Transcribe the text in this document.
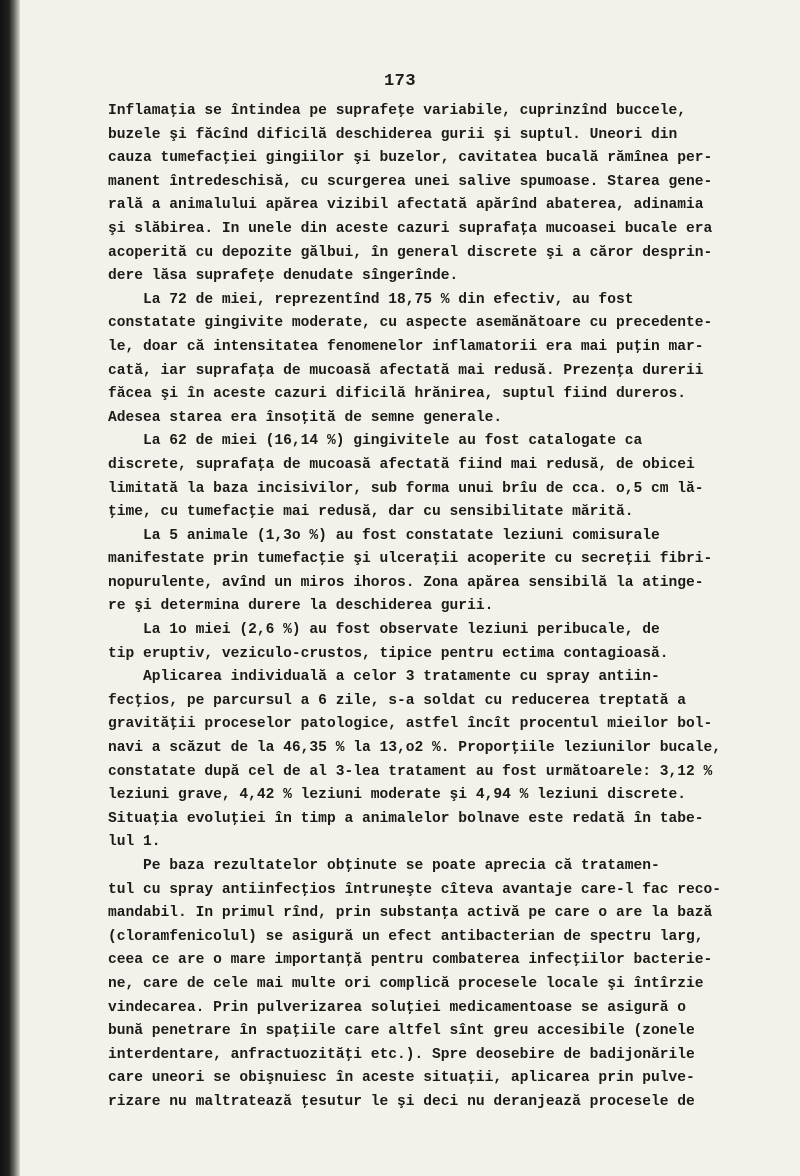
173
Inflamaţia se întindea pe suprafeţe variabile, cuprinzînd buccele,
buzele şi făcînd dificilă deschiderea gurii şi suptul. Uneori din
cauza tumefacţiei gingiilor şi buzelor, cavitatea bucală rămînea per-
manent întredeschisă, cu scurgerea unei salive spumoase. Starea gene-
rală a animalului apărea vizibil afectată apărînd abaterea, adinamia
şi slăbirea. In unele din aceste cazuri suprafaţa mucoasei bucale era
acoperită cu depozite gălbui, în general discrete şi a căror desprin-
dere lăsa suprafeţe denudate sîngerînde.
La 72 de miei, reprezentînd 18,75 % din efectiv, au fost
constatate gingivite moderate, cu aspecte asemănătoare cu precedente-
le, doar că intensitatea fenomenelor inflamatorii era mai puţin mar-
cată, iar suprafaţa de mucoasă afectată mai redusă. Prezenţa durerii
făcea şi în aceste cazuri dificilă hrănirea, suptul fiind dureros.
Adesea starea era însoţită de semne generale.
La 62 de miei (16,14 %) gingivitele au fost catalogate ca
discrete, suprafaţa de mucoasă afectată fiind mai redusă, de obicei
limitată la baza incisivilor, sub forma unui brîu de cca. o,5 cm lă-
ţime, cu tumefacţie mai redusă, dar cu sensibilitate mărită.
La 5 animale (1,3o %) au fost constatate leziuni comisurale
manifestate prin tumefacţie şi ulceraţii acoperite cu secreţii fibri-
nopurulente, avînd un miros ihoros. Zona apărea sensibilă la atinge-
re şi determina durere la deschiderea gurii.
La 1o miei (2,6 %) au fost observate leziuni peribucale, de
tip eruptiv, veziculo-crustos, tipice pentru ectima contagioasă.
Aplicarea individuală a celor 3 tratamente cu spray antiin-
fecţios, pe parcursul a 6 zile, s-a soldat cu reducerea treptată a
gravităţii proceselor patologice, astfel încît procentul mieilor bol-
navi a scăzut de la 46,35 % la 13,o2 %. Proporţiile leziunilor bucale,
constatate după cel de al 3-lea tratament au fost următoarele: 3,12 %
leziuni grave, 4,42 % leziuni moderate şi 4,94 % leziuni discrete.
Situaţia evoluţiei în timp a animalelor bolnave este redată în tabe-
lul 1.
Pe baza rezultatelor obţinute se poate aprecia că tratamen-
tul cu spray antiinfecţios întruneşte cîteva avantaje care-l fac reco-
mandabil. In primul rînd, prin substanţa activă pe care o are la bază
(cloramfenicolul) se asigură un efect antibacterian de spectru larg,
ceea ce are o mare importanţă pentru combaterea infecţiilor bacterie-
ne, care de cele mai multe ori complică procesele locale şi întîrzie
vindecarea. Prin pulverizarea soluţiei medicamentoase se asigură o
bună penetrare în spaţiile care altfel sînt greu accesibile (zonele
interdentare, anfractuozităţi etc.). Spre deosebire de badijonările
care uneori se obişnuiesc în aceste situaţii, aplicarea prin pulve-
rizare nu maltratează ţesutur le şi deci nu deranjează procesele de
